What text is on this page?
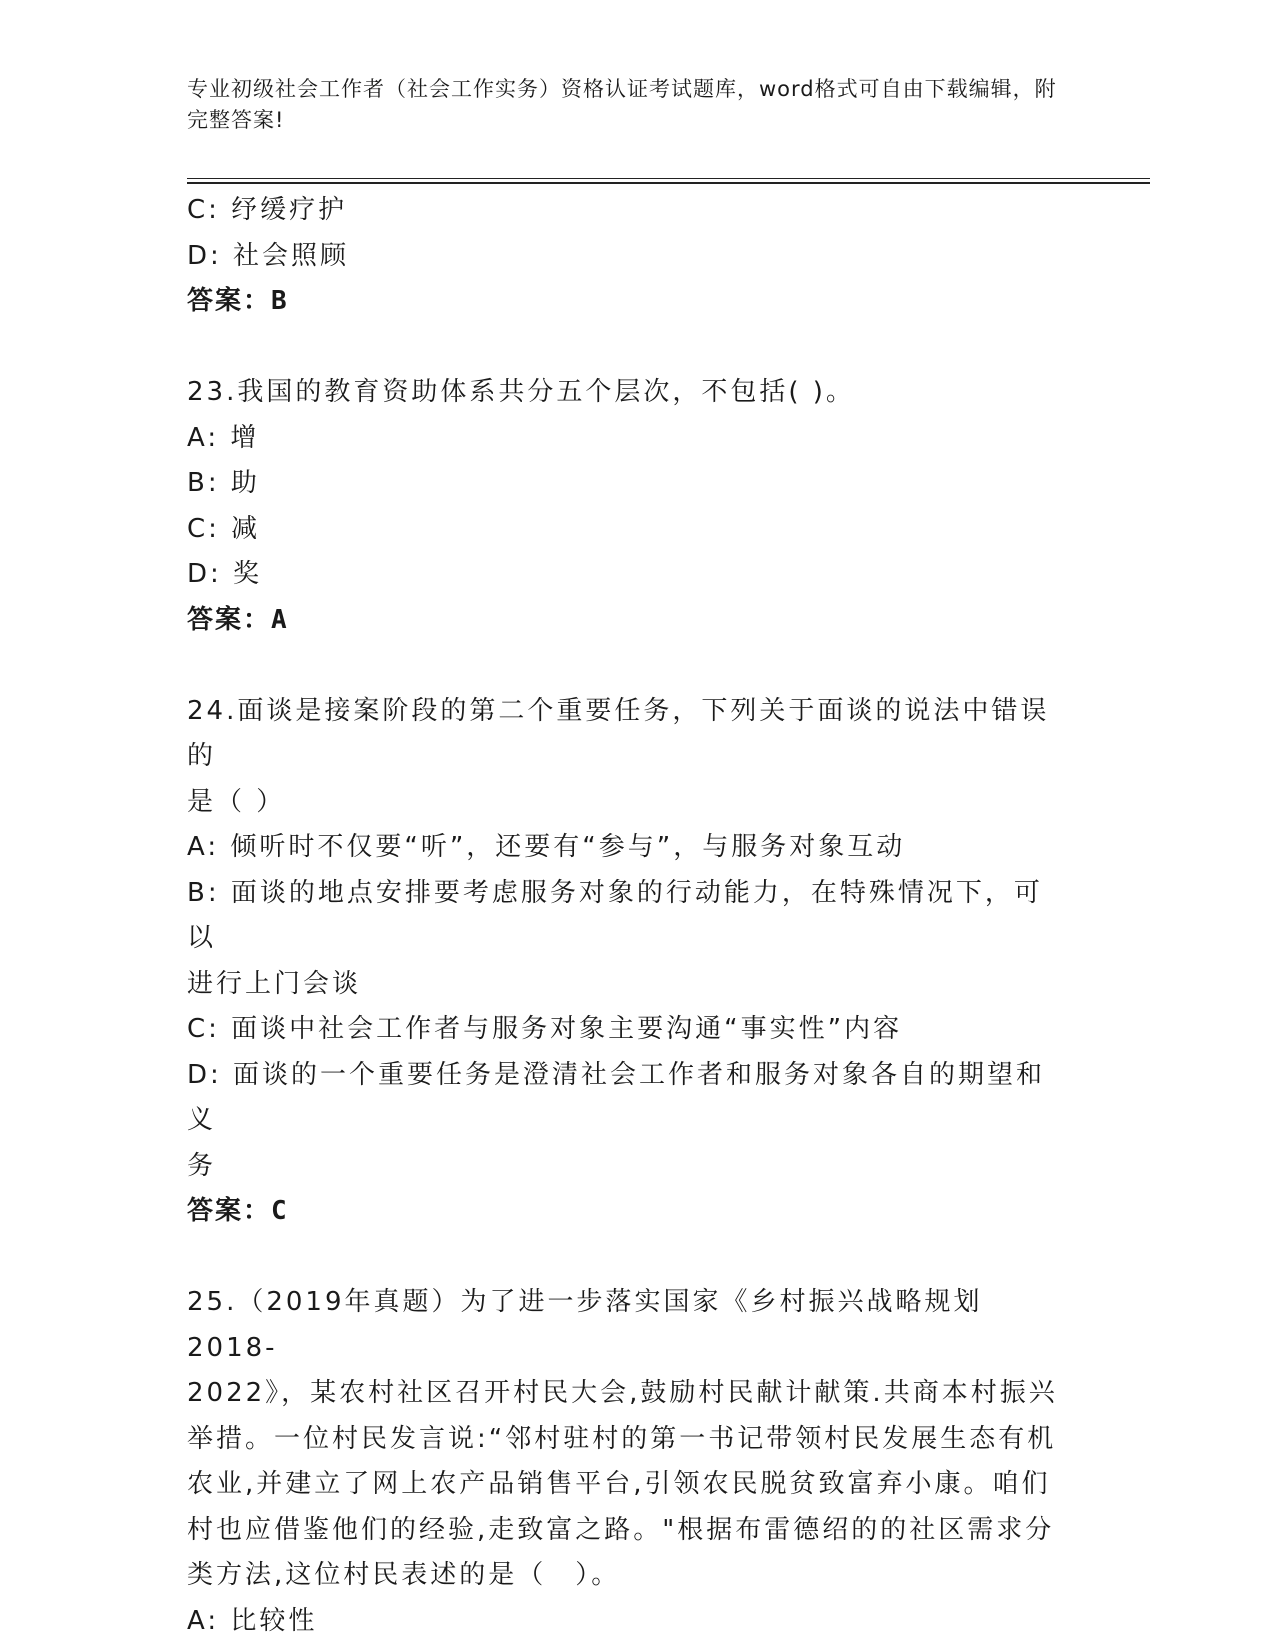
专业初级社会工作者（社会工作实务）资格认证考试题库，word格式可自由下载编辑，附完整答案!
C: 纾缓疗护
D: 社会照顾
答案：B
23.我国的教育资助体系共分五个层次，不包括( )。
A: 增
B: 助
C: 减
D: 奖
答案：A
24.面谈是接案阶段的第二个重要任务，下列关于面谈的说法中错误的
是（ ）
A: 倾听时不仅要“听”，还要有“参与”，与服务对象互动
B: 面谈的地点安排要考虑服务对象的行动能力，在特殊情况下，可以
进行上门会谈
C: 面谈中社会工作者与服务对象主要沟通“事实性”内容
D: 面谈的一个重要任务是澄清社会工作者和服务对象各自的期望和义
务
答案：C
25.（2019年真题）为了进一步落实国家《乡村振兴战略规划2018-
2022》，某农村社区召开村民大会,鼓励村民献计献策.共商本村振兴
举措。一位村民发言说:“邻村驻村的第一书记带领村民发展生态有机
农业,并建立了网上农产品销售平台,引领农民脱贫致富弃小康。咱们
村也应借鉴他们的经验,走致富之路。"根据布雷德绍的的社区需求分
类方法,这位村民表述的是（　）。
A: 比较性
